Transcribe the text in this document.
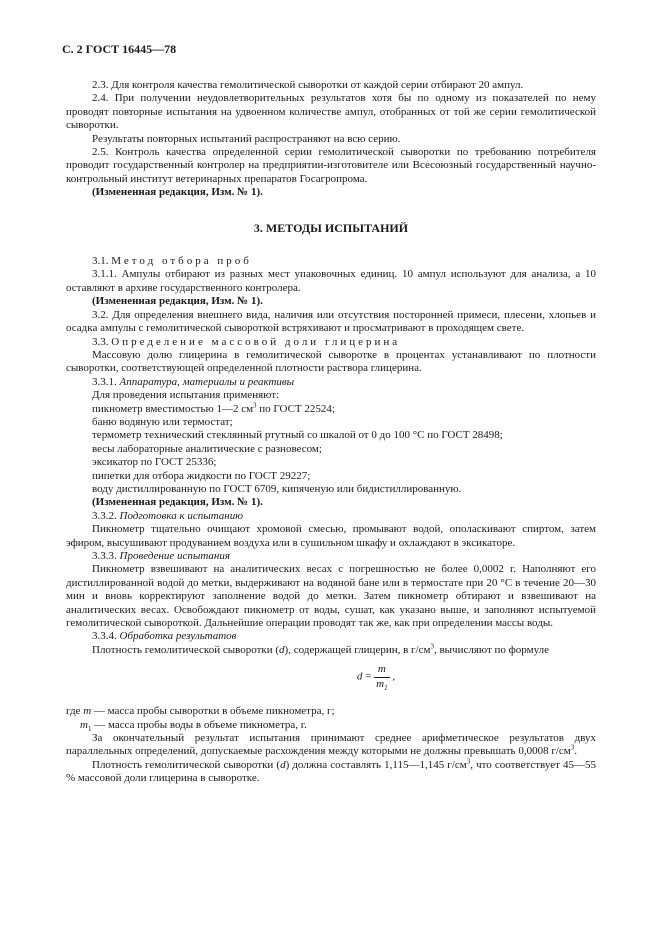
С. 2 ГОСТ 16445—78

2.3. Для контроля качества гемолитической сыворотки от каждой серии отбирают 20 ампул.

2.4. При получении неудовлетворительных результатов хотя бы по одному из показателей по нему проводят повторные испытания на удвоенном количестве ампул, отобранных от той же серии гемолитической сыворотки.

Результаты повторных испытаний распространяют на всю серию.

2.5. Контроль качества определенной серии гемолитической сыворотки по требованию потребителя проводит государственный контролер на предприятии-изготовителе или Всесоюзный государственный научно-контрольный институт ветеринарных препаратов Госагропрома.

(Измененная редакция, Изм. № 1).

3. МЕТОДЫ ИСПЫТАНИЙ

3.1. Метод отбора проб

3.1.1. Ампулы отбирают из разных мест упаковочных единиц. 10 ампул используют для анализа, а 10 оставляют в архиве государственного контролера.

(Измененная редакция, Изм. № 1).

3.2. Для определения внешнего вида, наличия или отсутствия посторонней примеси, плесени, хлопьев и осадка ампулы с гемолитической сывороткой встряхивают и просматривают в проходящем свете.

3.3. Определение массовой доли глицерина

Массовую долю глицерина в гемолитической сыворотке в процентах устанавливают по плотности сыворотки, соответствующей определенной плотности раствора глицерина.

3.3.1. Аппаратура, материалы и реактивы

Для проведения испытания применяют:

пикнометр вместимостью 1—2 $см^3$ по ГОСТ 22524;

баню водяную или термостат;

термометр технический стеклянный ртутный со шкалой от 0 до 100 °С по ГОСТ 28498;

весы лабораторные аналитические с разновесом;

эксикатор по ГОСТ 25336;

пипетки для отбора жидкости по ГОСТ 29227;

воду дистиллированную по ГОСТ 6709, кипяченую или бидистиллированную.

(Измененная редакция, Изм. № 1).

3.3.2. Подготовка к испытанию

Пикнометр тщательно очищают хромовой смесью, промывают водой, ополаскивают спиртом, затем эфиром, высушивают продуванием воздуха или в сушильном шкафу и охлаждают в эксикаторе.

3.3.3. Проведение испытания

Пикнометр взвешивают на аналитических весах с погрешностью не более 0,0002 г. Наполняют его дистиллированной водой до метки, выдерживают на водяной бане или в термостате при 20 °С в течение 20—30 мин и вновь корректируют заполнение водой до метки. Затем пикнометр обтирают и взвешивают на аналитических весах. Освобождают пикнометр от воды, сушат, как указано выше, и заполняют испытуемой гемолитической сывороткой. Дальнейшие операции проводят так же, как при определении массы воды.

3.3.4. Обработка результатов

Плотность гемолитической сыворотки (d), содержащей глицерин, в $г/см^3$, вычисляют по формуле

$d = \frac{m}{m_1}$ ,

где m — масса пробы сыворотки в объеме пикнометра, г;

$m_1$ — масса пробы воды в объеме пикнометра, г.

За окончательный результат испытания принимают среднее арифметическое результатов двух параллельных определений, допускаемые расхождения между которыми не должны превышать 0,0008 $г/см^3$.

Плотность гемолитической сыворотки (d) должна составлять 1,115—1,145 $г/см^3$, что соответствует 45—55 % массовой доли глицерина в сыворотке.
